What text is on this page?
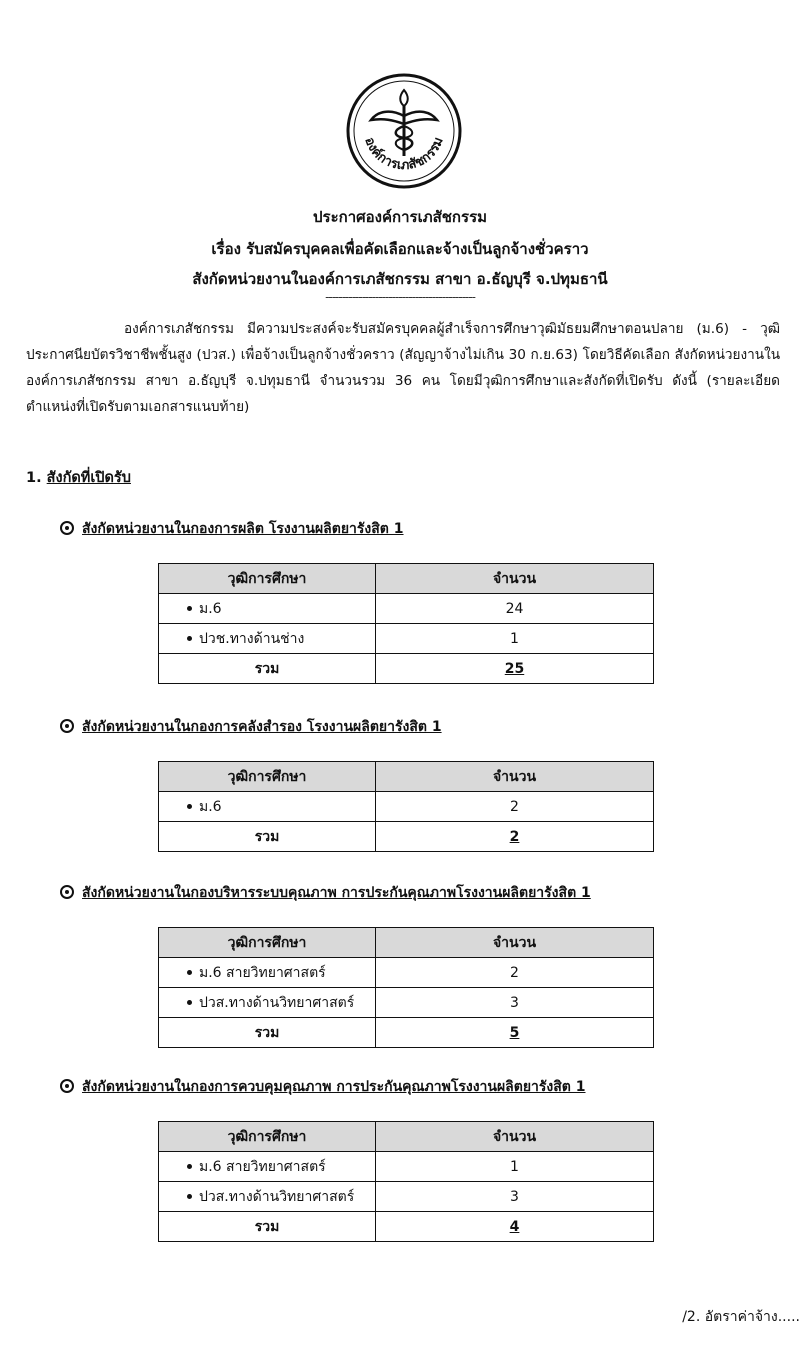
องค์การเภสัชกรรม
ประกาศองค์การเภสัชกรรม
เรื่อง รับสมัครบุคคลเพื่อคัดเลือกและจ้างเป็นลูกจ้างชั่วคราว
สังกัดหน่วยงานในองค์การเภสัชกรรม สาขา อ.ธัญบุรี จ.ปทุมธานี
---------------------------------------------
องค์การเภสัชกรรม มีความประสงค์จะรับสมัครบุคคลผู้สำเร็จการศึกษาวุฒิมัธยมศึกษาตอนปลาย (ม.6) - วุฒิประกาศนียบัตรวิชาชีพชั้นสูง (ปวส.) เพื่อจ้างเป็นลูกจ้างชั่วคราว (สัญญาจ้างไม่เกิน 30 ก.ย.63) โดยวิธีคัดเลือก สังกัดหน่วยงานในองค์การเภสัชกรรม สาขา อ.ธัญบุรี จ.ปทุมธานี จำนวนรวม 36 คน โดยมีวุฒิการศึกษาและสังกัดที่เปิดรับ ดังนี้ (รายละเอียดตำแหน่งที่เปิดรับตามเอกสารแนบท้าย)
1. สังกัดที่เปิดรับ
สังกัดหน่วยงานในกองการผลิต โรงงานผลิตยารังสิต 1
วุฒิการศึกษา	จำนวน
ม.6	24
ปวช.ทางด้านช่าง	1
รวม	25
สังกัดหน่วยงานในกองการคลังสำรอง โรงงานผลิตยารังสิต 1
วุฒิการศึกษา	จำนวน
ม.6	2
รวม	2
สังกัดหน่วยงานในกองบริหารระบบคุณภาพ การประกันคุณภาพโรงงานผลิตยารังสิต 1
วุฒิการศึกษา	จำนวน
ม.6 สายวิทยาศาสตร์	2
ปวส.ทางด้านวิทยาศาสตร์	3
รวม	5
สังกัดหน่วยงานในกองการควบคุมคุณภาพ การประกันคุณภาพโรงงานผลิตยารังสิต 1
วุฒิการศึกษา	จำนวน
ม.6 สายวิทยาศาสตร์	1
ปวส.ทางด้านวิทยาศาสตร์	3
รวม	4
/2. อัตราค่าจ้าง.....
